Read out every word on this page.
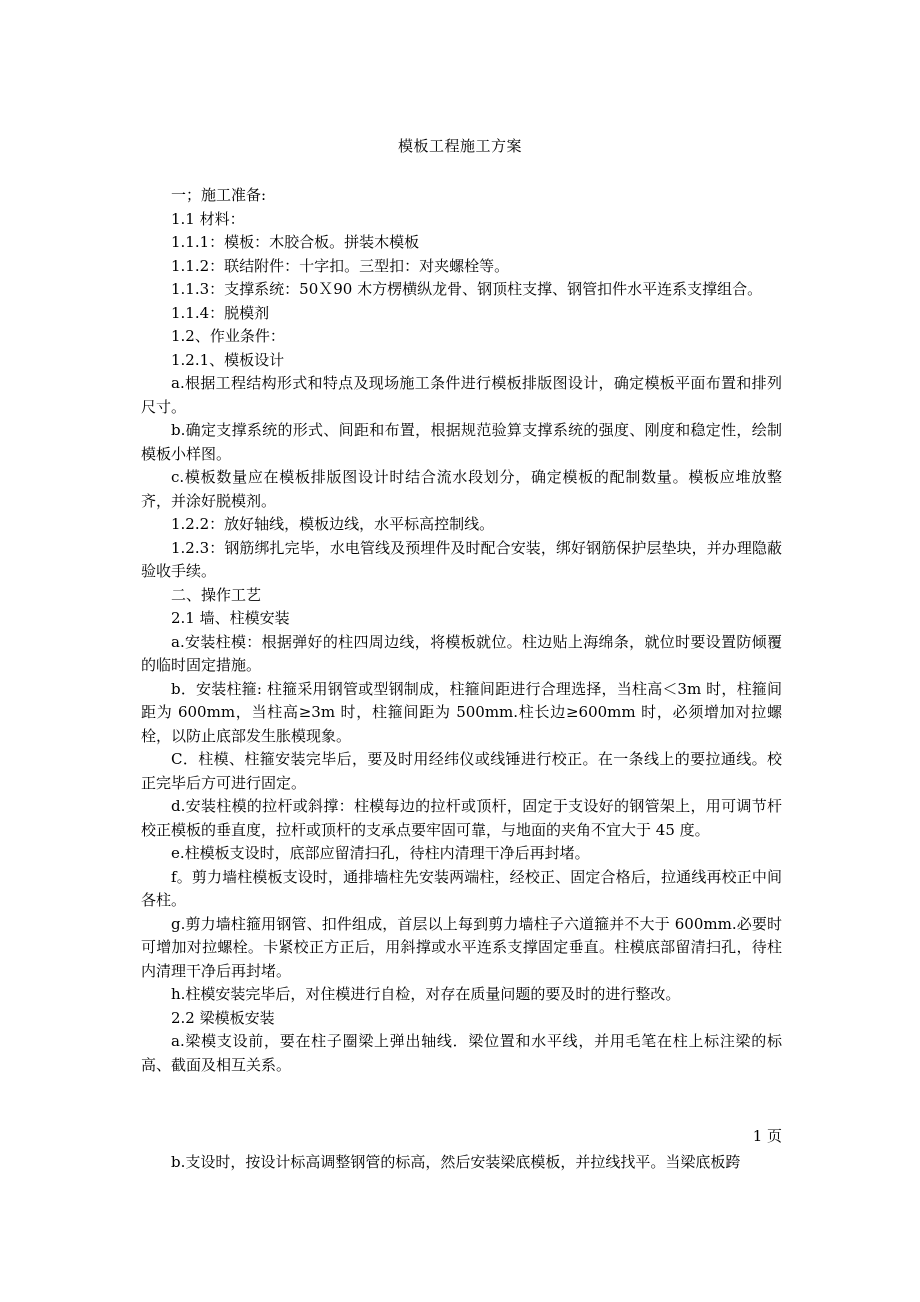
模板工程施工方案

一；施工准备:

1.1 材料：

1.1.1：模板：木胶合板。拼装木模板

1.1.2：联结附件：十字扣。三型扣：对夹螺栓等。

1.1.3：支撑系统：50Ｘ90 木方楞横纵龙骨、钢顶柱支撑、钢管扣件水平连系支撑组合。

1.1.4：脱模剂

1.2、作业条件：

1.2.1、模板设计

a.根据工程结构形式和特点及现场施工条件进行模板排版图设计，确定模板平面布置和排列尺寸。

b.确定支撑系统的形式、间距和布置，根据规范验算支撑系统的强度、刚度和稳定性，绘制模板小样图。

c.模板数量应在模板排版图设计时结合流水段划分，确定模板的配制数量。模板应堆放整齐，并涂好脱模剂。

1.2.2：放好轴线，模板边线，水平标高控制线。

1.2.3：钢筋绑扎完毕，水电管线及预埋件及时配合安装，绑好钢筋保护层垫块，并办理隐蔽验收手续。

二、操作工艺

2.1 墙、柱模安装

a.安装柱模：根据弹好的柱四周边线，将模板就位。柱边贴上海绵条，就位时要设置防倾覆的临时固定措施。

b．安装柱箍: 柱箍采用钢管或型钢制成，柱箍间距进行合理选择，当柱高＜3m 时，柱箍间距为 600mm，当柱高≥3m 时，柱箍间距为 500mm.柱长边≥600mm 时，必须增加对拉螺栓，以防止底部发生胀模现象。

C．柱模、柱箍安装完毕后，要及时用经纬仪或线锤进行校正。在一条线上的要拉通线。校正完毕后方可进行固定。

d.安装柱模的拉杆或斜撑：柱模每边的拉杆或顶杆，固定于支设好的钢管架上，用可调节杆校正模板的垂直度，拉杆或顶杆的支承点要牢固可靠，与地面的夹角不宜大于 45 度。

e.柱模板支设时，底部应留清扫孔，待柱内清理干净后再封堵。

f。剪力墙柱模板支设时，通排墙柱先安装两端柱，经校正、固定合格后，拉通线再校正中间各柱。

g.剪力墙柱箍用钢管、扣件组成，首层以上每到剪力墙柱子六道箍并不大于 600mm.必要时可增加对拉螺栓。卡紧校正方正后，用斜撑或水平连系支撑固定垂直。柱模底部留清扫孔，待柱内清理干净后再封堵。

h.柱模安装完毕后，对住模进行自检，对存在质量问题的要及时的进行整改。

2.2 梁模板安装

a.梁模支设前，要在柱子圈梁上弹出轴线．梁位置和水平线，并用毛笔在柱上标注梁的标高、截面及相互关系。

1 页

b.支设时，按设计标高调整钢管的标高，然后安装梁底模板，并拉线找平。当梁底板跨
